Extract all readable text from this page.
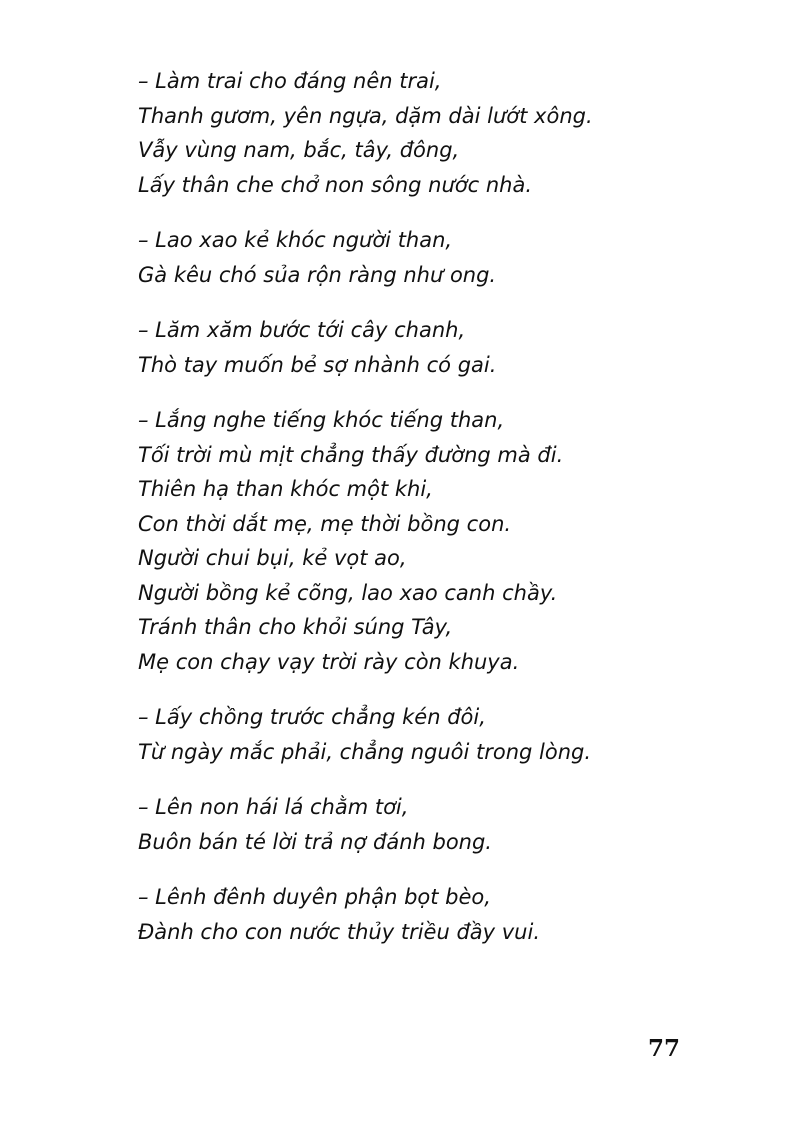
– Làm trai cho đáng nên trai,
Thanh gươm, yên ngựa, dặm dài lướt xông.
Vẫy vùng nam, bắc, tây, đông,
Lấy thân che chở non sông nước nhà.
– Lao xao kẻ khóc người than,
Gà kêu chó sủa rộn ràng như ong.
– Lăm xăm bước tới cây chanh,
Thò tay muốn bẻ sợ nhành có gai.
– Lắng nghe tiếng khóc tiếng than,
Tối trời mù mịt chẳng thấy đường mà đi.
Thiên hạ than khóc một khi,
Con thời dắt mẹ, mẹ thời bồng con.
Người chui bụi, kẻ vọt ao,
Người bồng kẻ cõng, lao xao canh chầy.
Tránh thân cho khỏi súng Tây,
Mẹ con chạy vạy trời rày còn khuya.
– Lấy chồng trước chẳng kén đôi,
Từ ngày mắc phải, chẳng nguôi trong lòng.
– Lên non hái lá chằm tơi,
Buôn bán té lời trả nợ đánh bong.
– Lênh đênh duyên phận bọt bèo,
Đành cho con nước thủy triều đầy vui.
77
